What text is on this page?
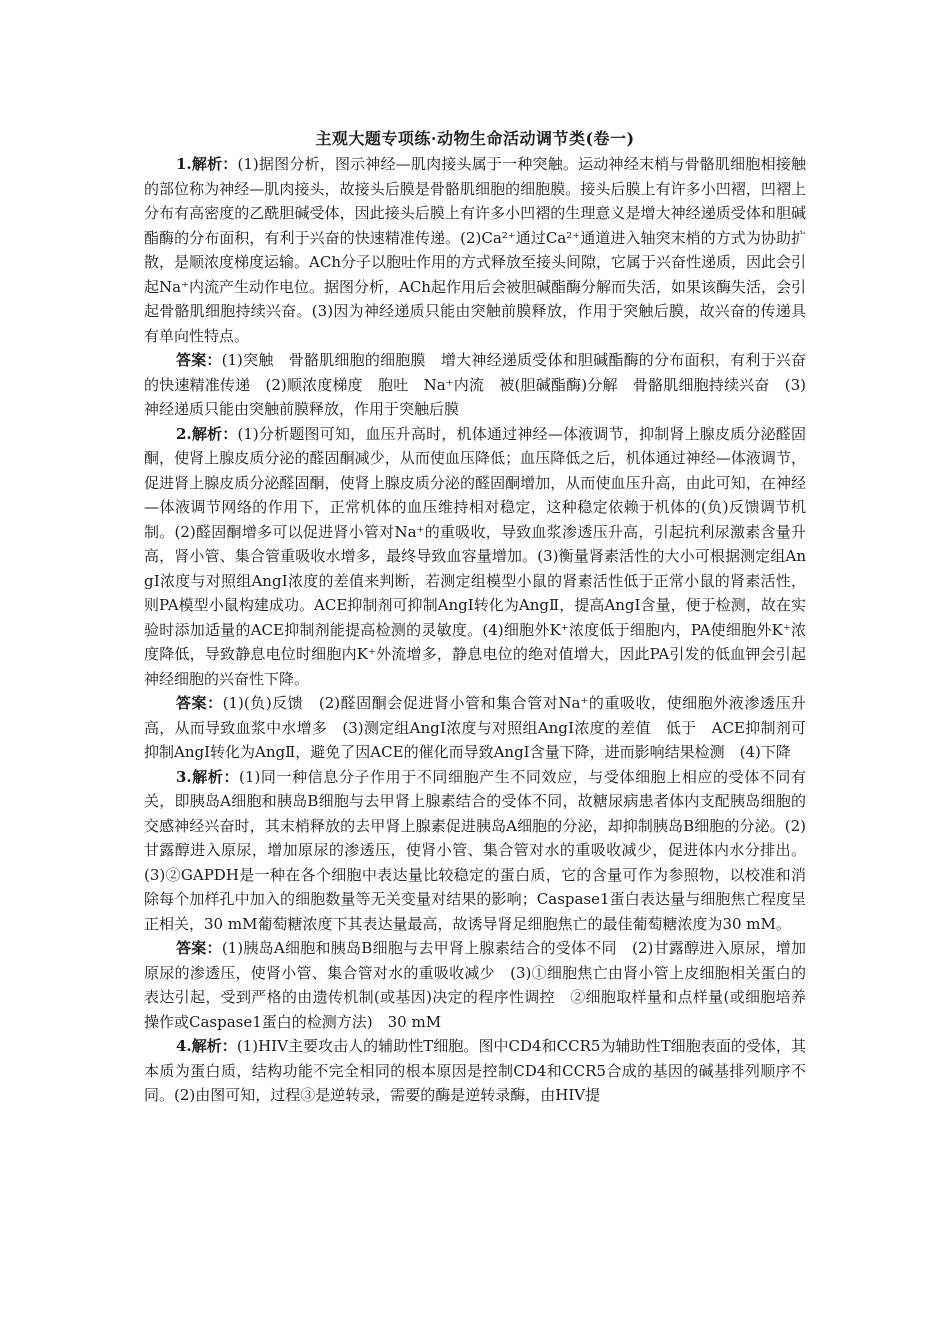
主观大题专项练·动物生命活动调节类(卷一)

1.解析：(1)据图分析，图示神经—肌肉接头属于一种突触。运动神经末梢与骨骼肌细胞相接触的部位称为神经—肌肉接头，故接头后膜是骨骼肌细胞的细胞膜。接头后膜上有许多小凹褶，凹褶上分布有高密度的乙酰胆碱受体，因此接头后膜上有许多小凹褶的生理意义是增大神经递质受体和胆碱酯酶的分布面积，有利于兴奋的快速精准传递。(2)Ca²⁺通过Ca²⁺通道进入轴突末梢的方式为协助扩散，是顺浓度梯度运输。ACh分子以胞吐作用的方式释放至接头间隙，它属于兴奋性递质，因此会引起Na⁺内流产生动作电位。据图分析，ACh起作用后会被胆碱酯酶分解而失活，如果该酶失活，会引起骨骼肌细胞持续兴奋。(3)因为神经递质只能由突触前膜释放，作用于突触后膜，故兴奋的传递具有单向性特点。

答案：(1)突触　骨骼肌细胞的细胞膜　增大神经递质受体和胆碱酯酶的分布面积，有利于兴奋的快速精准传递　(2)顺浓度梯度　胞吐　Na⁺内流　被(胆碱酯酶)分解　骨骼肌细胞持续兴奋　(3)神经递质只能由突触前膜释放，作用于突触后膜

2.解析：(1)分析题图可知，血压升高时，机体通过神经—体液调节，抑制肾上腺皮质分泌醛固酮，使肾上腺皮质分泌的醛固酮减少，从而使血压降低；血压降低之后，机体通过神经—体液调节，促进肾上腺皮质分泌醛固酮，使肾上腺皮质分泌的醛固酮增加，从而使血压升高，由此可知，在神经—体液调节网络的作用下，正常机体的血压维持相对稳定，这种稳定依赖于机体的(负)反馈调节机制。(2)醛固酮增多可以促进肾小管对Na⁺的重吸收，导致血浆渗透压升高，引起抗利尿激素含量升高，肾小管、集合管重吸收水增多，最终导致血容量增加。(3)衡量肾素活性的大小可根据测定组AngⅠ浓度与对照组AngⅠ浓度的差值来判断，若测定组模型小鼠的肾素活性低于正常小鼠的肾素活性，则PA模型小鼠构建成功。ACE抑制剂可抑制AngⅠ转化为AngⅡ，提高AngⅠ含量，便于检测，故在实验时添加适量的ACE抑制剂能提高检测的灵敏度。(4)细胞外K⁺浓度低于细胞内，PA使细胞外K⁺浓度降低，导致静息电位时细胞内K⁺外流增多，静息电位的绝对值增大，因此PA引发的低血钾会引起神经细胞的兴奋性下降。

答案：(1)(负)反馈　(2)醛固酮会促进肾小管和集合管对Na⁺的重吸收，使细胞外液渗透压升高，从而导致血浆中水增多　(3)测定组AngⅠ浓度与对照组AngⅠ浓度的差值　低于　ACE抑制剂可抑制AngⅠ转化为AngⅡ，避免了因ACE的催化而导致AngⅠ含量下降，进而影响结果检测　(4)下降

3.解析：(1)同一种信息分子作用于不同细胞产生不同效应，与受体细胞上相应的受体不同有关，即胰岛A细胞和胰岛B细胞与去甲肾上腺素结合的受体不同，故糖尿病患者体内支配胰岛细胞的交感神经兴奋时，其末梢释放的去甲肾上腺素促进胰岛A细胞的分泌，却抑制胰岛B细胞的分泌。(2)甘露醇进入原尿，增加原尿的渗透压，使肾小管、集合管对水的重吸收减少，促进体内水分排出。(3)②GAPDH是一种在各个细胞中表达量比较稳定的蛋白质，它的含量可作为参照物，以校准和消除每个加样孔中加入的细胞数量等无关变量对结果的影响；Caspase1蛋白表达量与细胞焦亡程度呈正相关，30 mM葡萄糖浓度下其表达量最高，故诱导肾足细胞焦亡的最佳葡萄糖浓度为30 mM。

答案：(1)胰岛A细胞和胰岛B细胞与去甲肾上腺素结合的受体不同　(2)甘露醇进入原尿，增加原尿的渗透压，使肾小管、集合管对水的重吸收减少　(3)①细胞焦亡由肾小管上皮细胞相关蛋白的表达引起，受到严格的由遗传机制(或基因)决定的程序性调控　②细胞取样量和点样量(或细胞培养操作或Caspase1蛋白的检测方法)　30 mM

4.解析：(1)HIV主要攻击人的辅助性T细胞。图中CD4和CCR5为辅助性T细胞表面的受体，其本质为蛋白质，结构功能不完全相同的根本原因是控制CD4和CCR5合成的基因的碱基排列顺序不同。(2)由图可知，过程③是逆转录，需要的酶是逆转录酶，由HIV提
